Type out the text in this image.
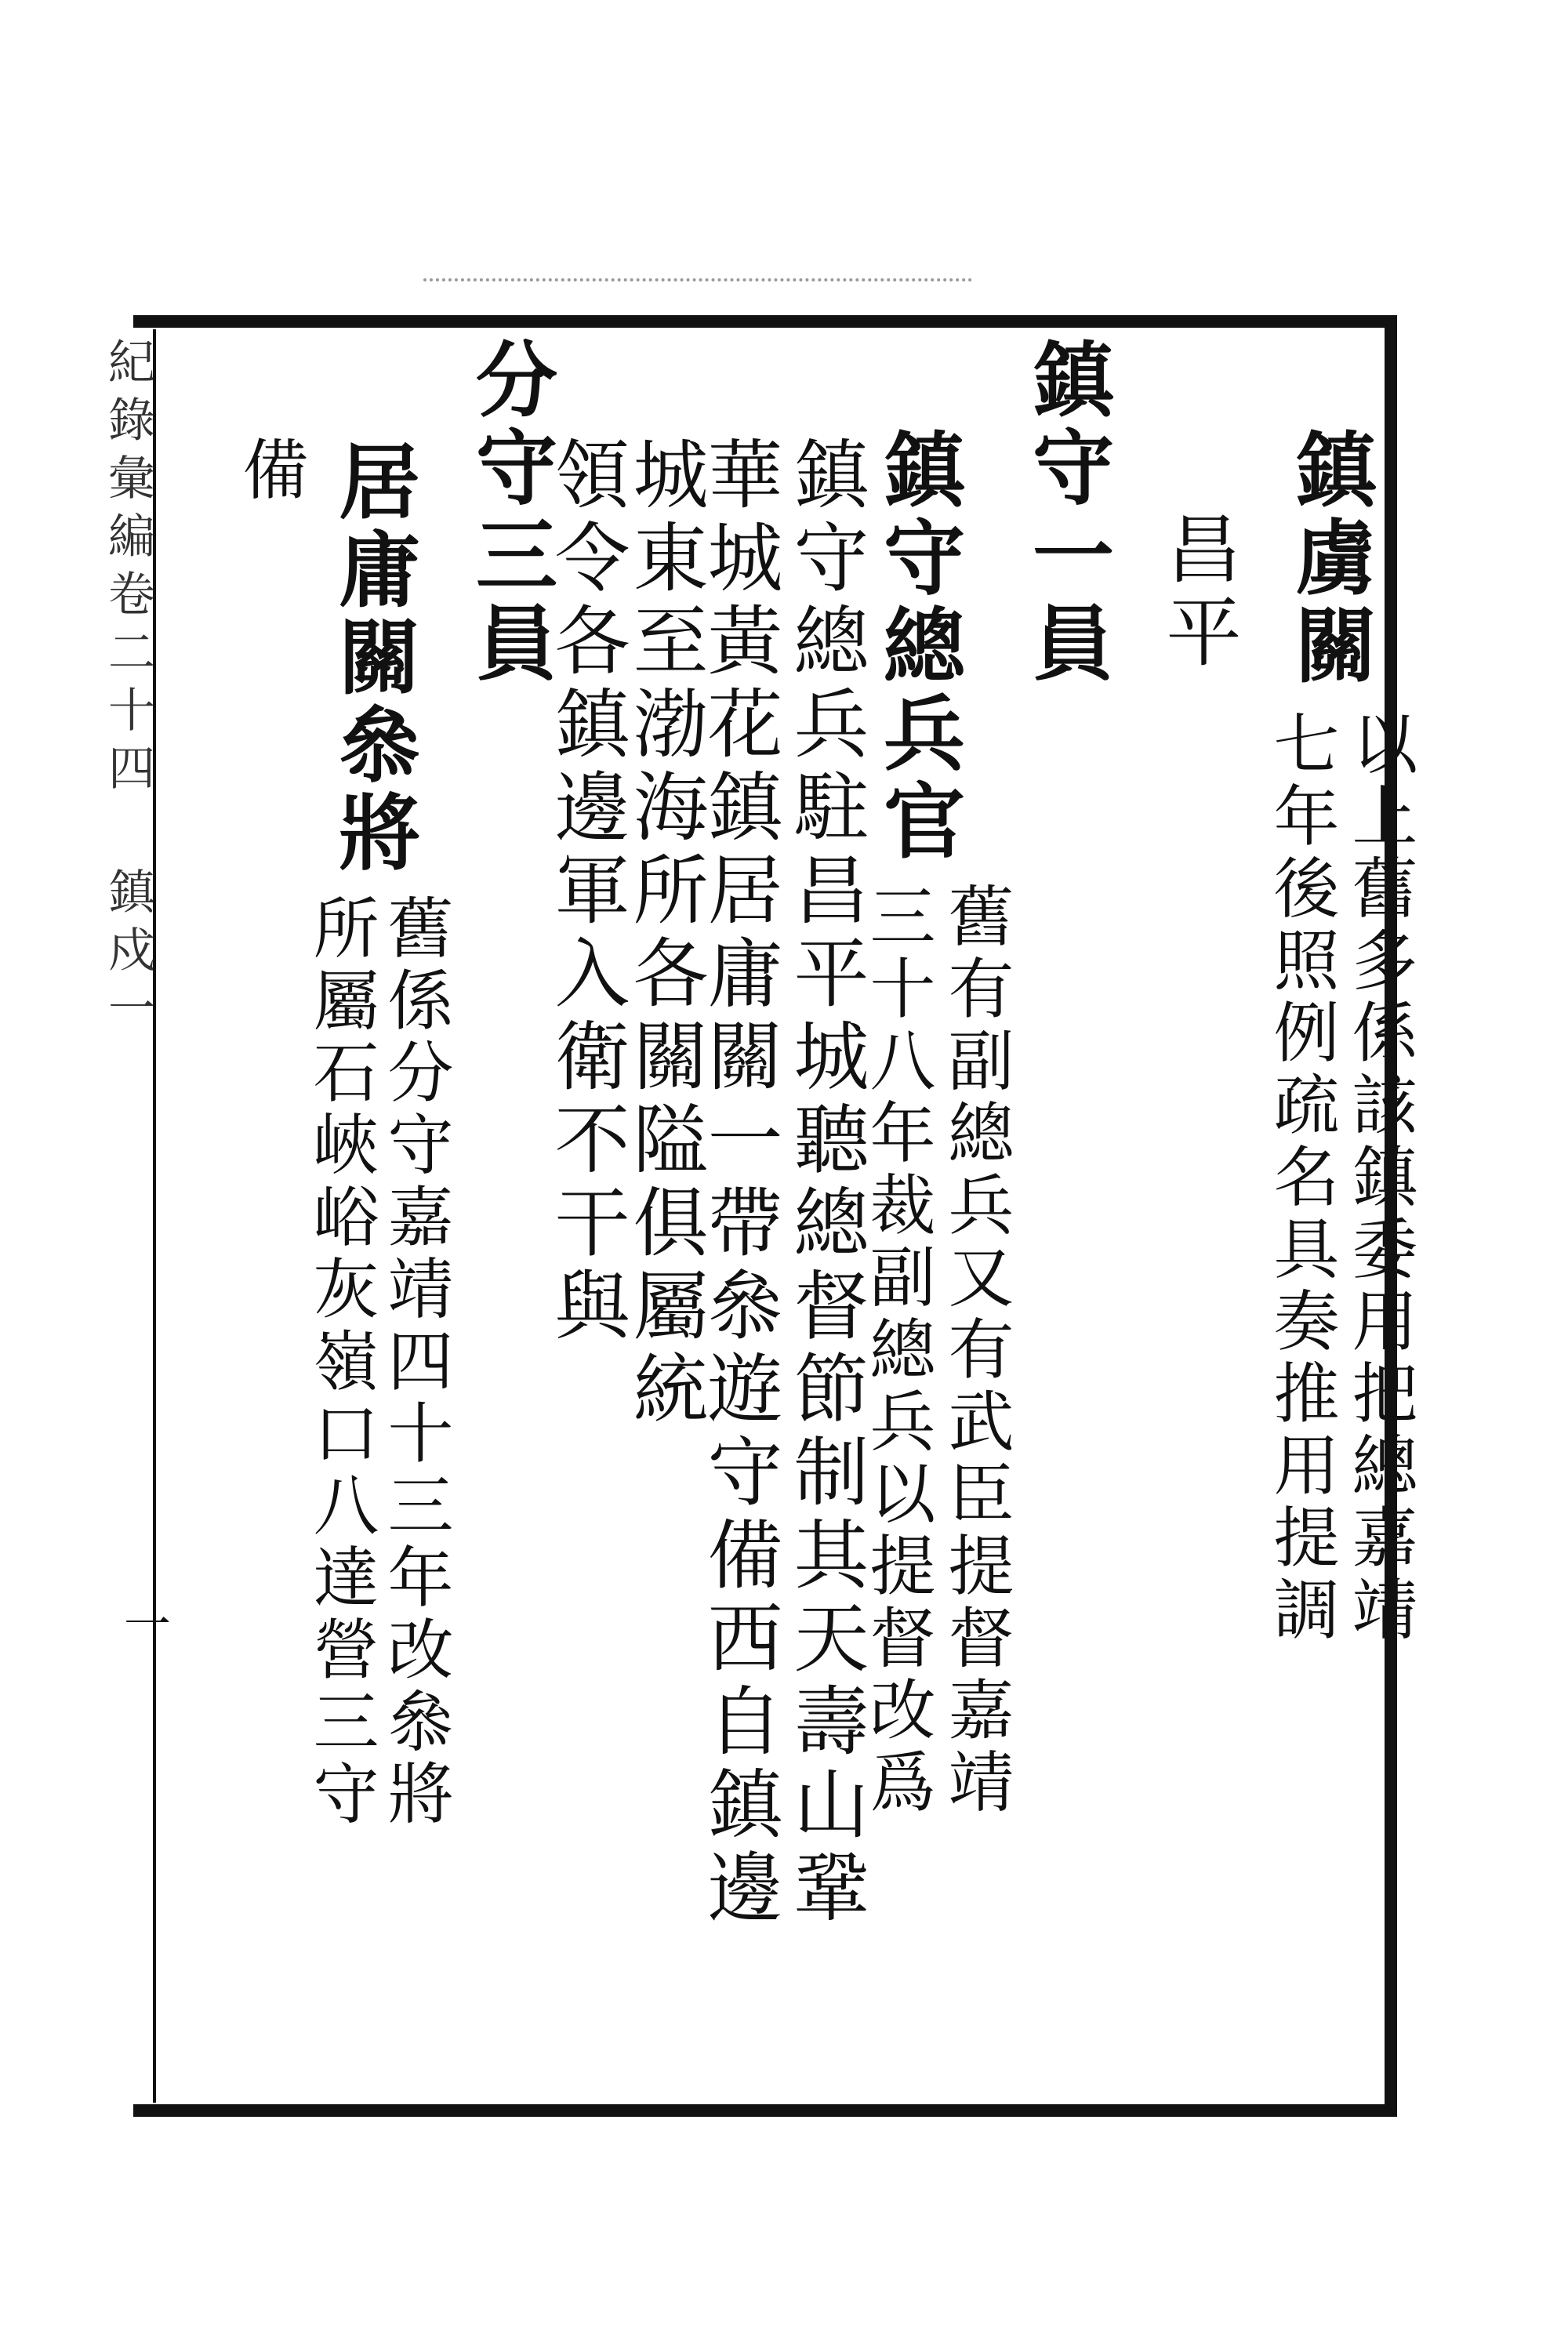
紀錄彙編卷二十四 鎮戍一
一
鎮虜關
以上舊多係該鎮委用把總嘉靖
七年後照例疏名具奏推用提調
昌平
鎮守一員
鎮守總兵官
舊有副總兵又有武臣提督嘉靖
三十八年裁副總兵以提督改爲
鎮守總兵駐昌平城聽總督節制其天壽山鞏
華城黃花鎮居庸關一帶叅遊守備西自鎮邊
城東至渤海所各關隘俱屬統
領令各鎮邊軍入衛不干與
分守三員
居庸關叅將
舊係分守嘉靖四十三年改叅將
所屬石峽峪灰嶺口八達營三守
備
